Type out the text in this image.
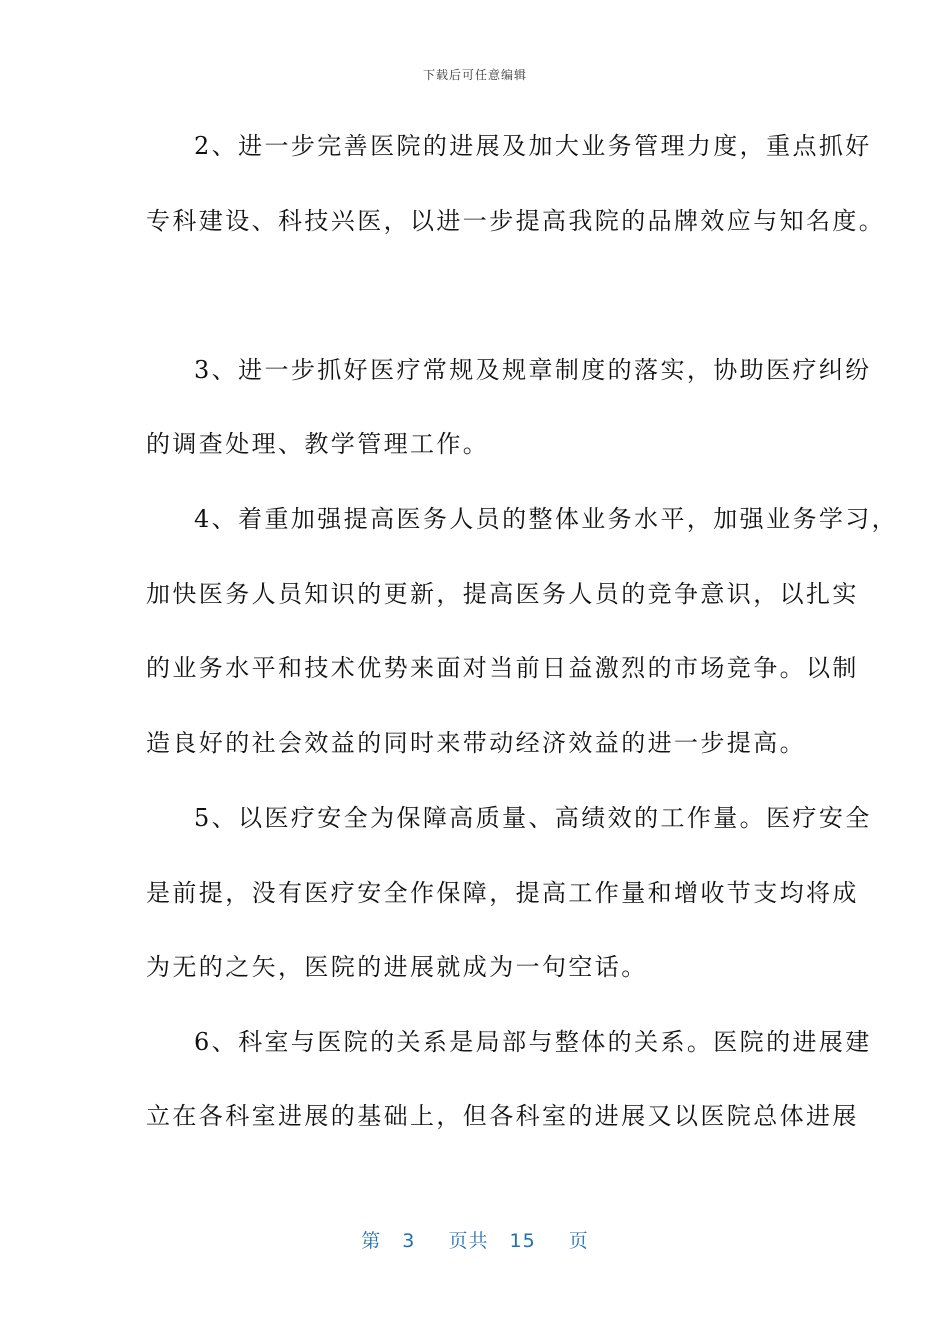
下载后可任意编辑
2、进一步完善医院的进展及加大业务管理力度，重点抓好
专科建设、科技兴医，以进一步提高我院的品牌效应与知名度。
3、进一步抓好医疗常规及规章制度的落实，协助医疗纠纷
的调查处理、教学管理工作。
4、着重加强提高医务人员的整体业务水平，加强业务学习，
加快医务人员知识的更新，提高医务人员的竞争意识，以扎实
的业务水平和技术优势来面对当前日益激烈的市场竞争。以制
造良好的社会效益的同时来带动经济效益的进一步提高。
5、以医疗安全为保障高质量、高绩效的工作量。医疗安全
是前提，没有医疗安全作保障，提高工作量和增收节支均将成
为无的之矢，医院的进展就成为一句空话。
6、科室与医院的关系是局部与整体的关系。医院的进展建
立在各科室进展的基础上，但各科室的进展又以医院总体进展
第 3 页共 15 页
